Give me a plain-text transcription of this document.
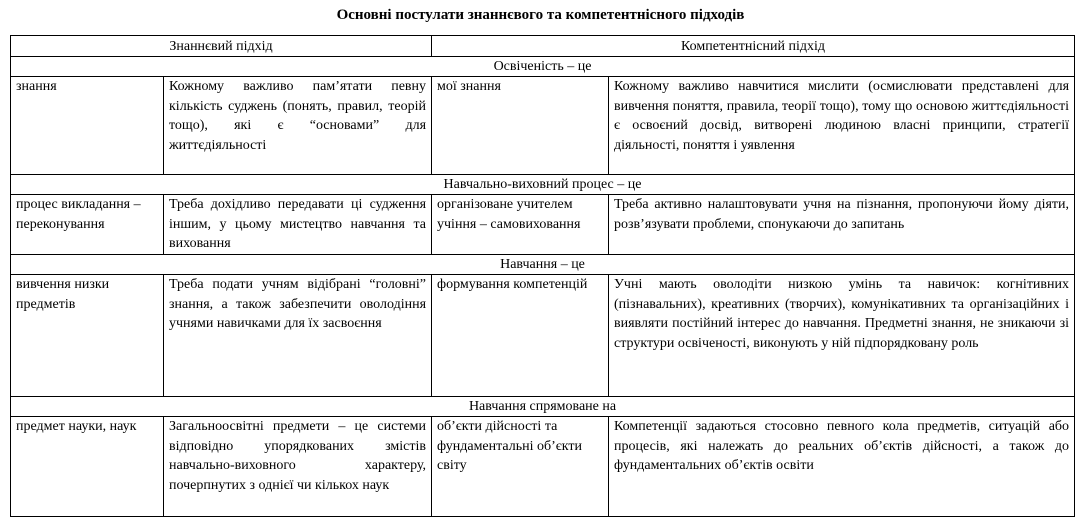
Основні постулати знаннєвого та компетентнісного підходів
Знаннєвий підхід		Компетентнісний підхід	
Освіченість – це			
знання	Кожному важливо пам’ятати певну кількість суджень (понять, правил, теорій тощо), які є “основами” для життєдіяльності	мої знання	Кожному важливо навчитися мислити (осмислювати представлені для вивчення поняття, правила, теорії тощо), тому що основою життєдіяльності є освоєний досвід, витворені людиною власні принципи, стратегії діяльності, поняття і уявлення
Навчально-виховний процес – це			
процес викладання – переконування	Треба дохідливо передавати ці судження іншим, у цьому мистецтво навчання та виховання	організоване учителем учіння – самовиховання	Треба активно налаштовувати учня на пізнання, пропонуючи йому діяти, розв’язувати проблеми, спонукаючи до запитань
Навчання – це			
вивчення низки предметів	Треба подати учням відібрані “головні” знання, а також забезпечити оволодіння учнями навичками для їх засвоєння	формування компетенцій	Учні мають оволодіти низкою умінь та навичок: когнітивних (пізнавальних), креативних (творчих), комунікативних та організаційних і виявляти постійний інтерес до навчання. Предметні знання, не зникаючи зі структури освіченості, виконують у ній підпорядковану роль
Навчання спрямоване на			
предмет науки, наук	Загальноосвітні предмети – це системи відповідно упорядкованих змістів навчально-виховного характеру, почерпнутих з однієї чи кількох наук	об’єкти дійсності та фундаментальні об’єкти світу	Компетенції задаються стосовно певного кола предметів, ситуацій або процесів, які належать до реальних об’єктів дійсності, а також до фундаментальних об’єктів освіти
